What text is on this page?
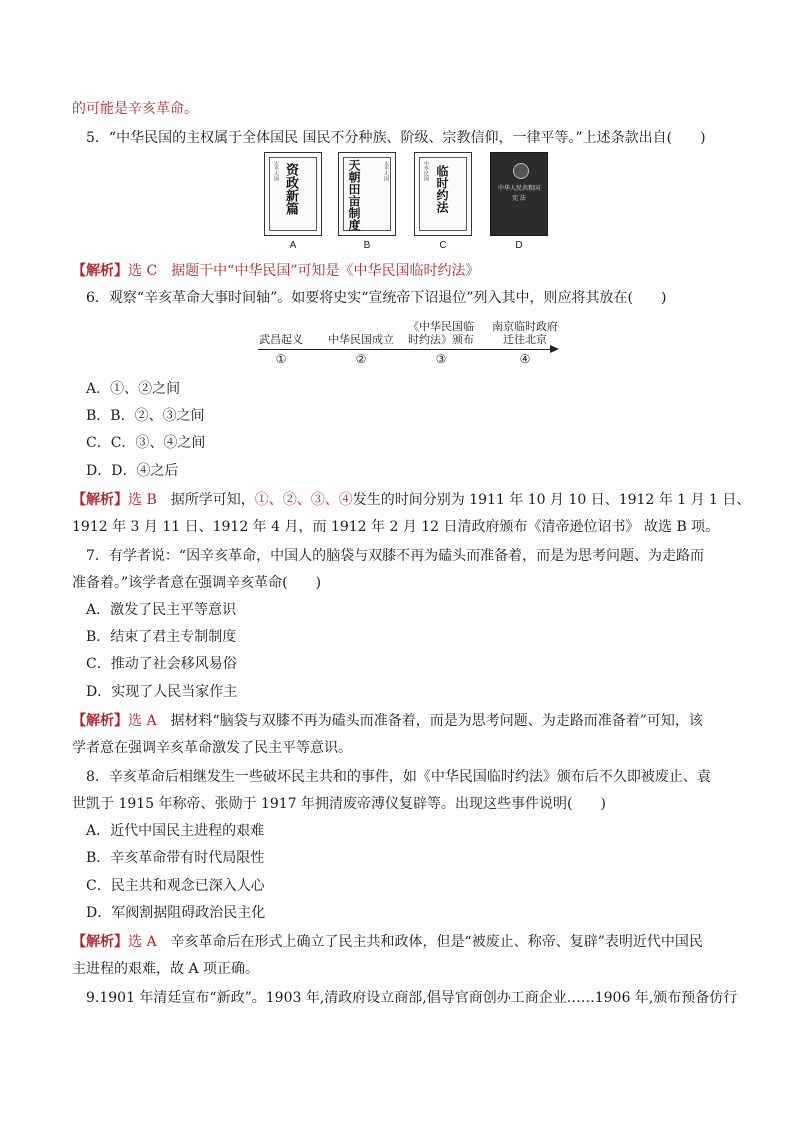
的可能是辛亥革命。
5．“中华民国的主权属于全体国民 国民不分种族、阶级、宗教信仰，一律平等。”上述条款出自(　　)
资政新篇
太平天国
A
天朝田亩制度	太平天国
B
临时约法
中华民国
C
中华人民共和国
宪 法
D
【解析】选 C　据题干中“中华民国”可知是《中华民国临时约法》
6．观察“辛亥革命大事时间轴”。如要将史实“宣统帝下诏退位”列入其中，则应将其放在(　　)
武昌起义	中华民国成立
《中华民国临
时约法》颁布
南京临时政府
迁往北京
①	②	③	④
A．①、②之间
B．B．②、③之间
C．C．③、④之间
D．D．④之后
【解析】选 B　据所学可知，①、②、③、④发生的时间分别为 1911 年 10 月 10 日、1912 年 1 月 1 日、
1912 年 3 月 11 日、1912 年 4 月，而 1912 年 2 月 12 日清政府颁布《清帝逊位诏书》 故选 B 项。
7．有学者说：“因辛亥革命，中国人的脑袋与双膝不再为磕头而准备着，而是为思考问题、为走路而
准备着。”该学者意在强调辛亥革命(　　)
A．激发了民主平等意识
B．结束了君主专制制度
C．推动了社会移风易俗
D．实现了人民当家作主
【解析】选 A　据材料“脑袋与双膝不再为磕头而准备着，而是为思考问题、为走路而准备着”可知，该
学者意在强调辛亥革命激发了民主平等意识。
8．辛亥革命后相继发生一些破坏民主共和的事件，如《中华民国临时约法》颁布后不久即被废止、袁
世凯于 1915 年称帝、张勋于 1917 年拥清废帝溥仪复辟等。出现这些事件说明(　　)
A．近代中国民主进程的艰难
B．辛亥革命带有时代局限性
C．民主共和观念已深入人心
D．军阀割据阻碍政治民主化
【解析】选 A　辛亥革命后在形式上确立了民主共和政体，但是“被废止、称帝、复辟”表明近代中国民
主进程的艰难，故 A 项正确。
9.1901 年清廷宣布“新政”。1903 年,清政府设立商部,倡导官商创办工商企业……1906 年,颁布预备仿行
